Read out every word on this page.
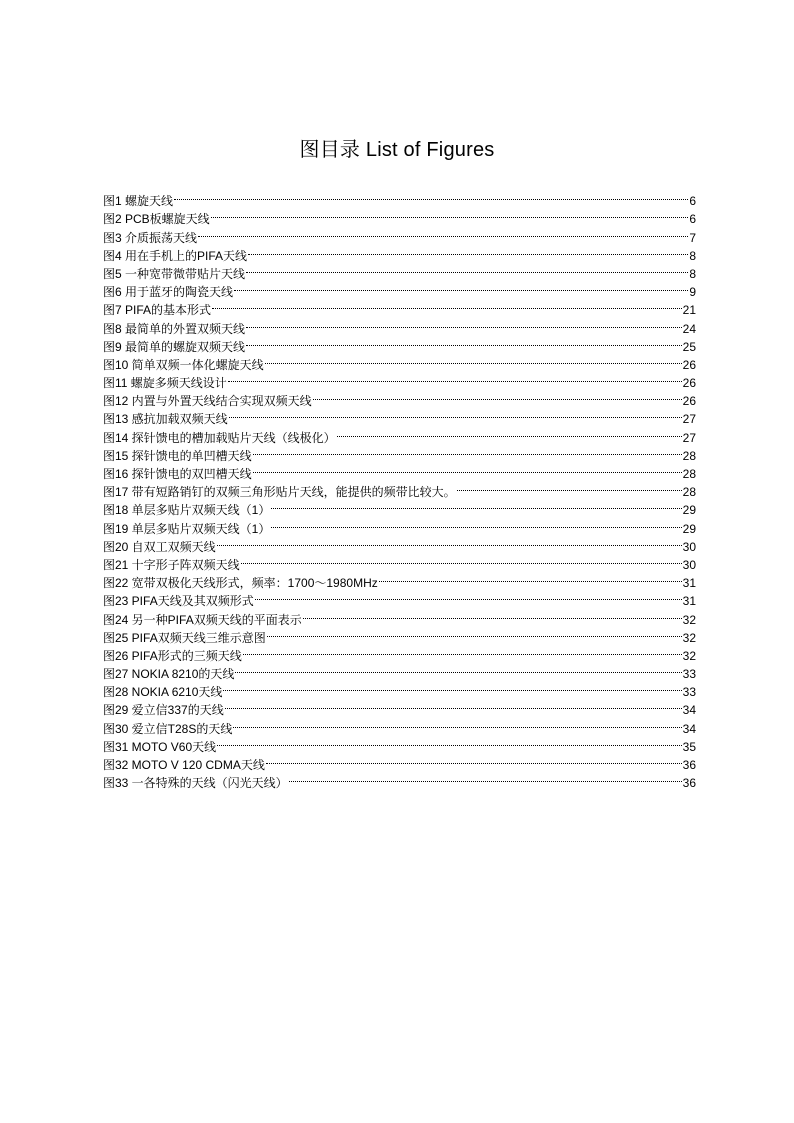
图目录 List of Figures
图1 螺旋天线	6
图2 PCB板螺旋天线	6
图3 介质振荡天线	7
图4 用在手机上的PIFA天线	8
图5 一种宽带微带贴片天线	8
图6 用于蓝牙的陶瓷天线	9
图7 PIFA的基本形式	21
图8 最简单的外置双频天线	24
图9 最简单的螺旋双频天线	25
图10 简单双频一体化螺旋天线	26
图11 螺旋多频天线设计	26
图12 内置与外置天线结合实现双频天线	26
图13 感抗加载双频天线	27
图14 探针馈电的槽加载贴片天线（线极化）	27
图15 探针馈电的单凹槽天线	28
图16 探针馈电的双凹槽天线	28
图17 带有短路销钉的双频三角形贴片天线，能提供的频带比较大。	28
图18 单层多贴片双频天线（1）	29
图19 单层多贴片双频天线（1）	29
图20 自双工双频天线	30
图21 十字形子阵双频天线	30
图22 宽带双极化天线形式，频率：1700～1980MHz	31
图23 PIFA天线及其双频形式	31
图24 另一种PIFA双频天线的平面表示	32
图25 PIFA双频天线三维示意图	32
图26 PIFA形式的三频天线	32
图27 NOKIA 8210的天线	33
图28 NOKIA 6210天线	33
图29 爱立信337的天线	34
图30 爱立信T28S的天线	34
图31 MOTO V60天线	35
图32 MOTO V 120 CDMA天线	36
图33 一各特殊的天线（闪光天线）	36
